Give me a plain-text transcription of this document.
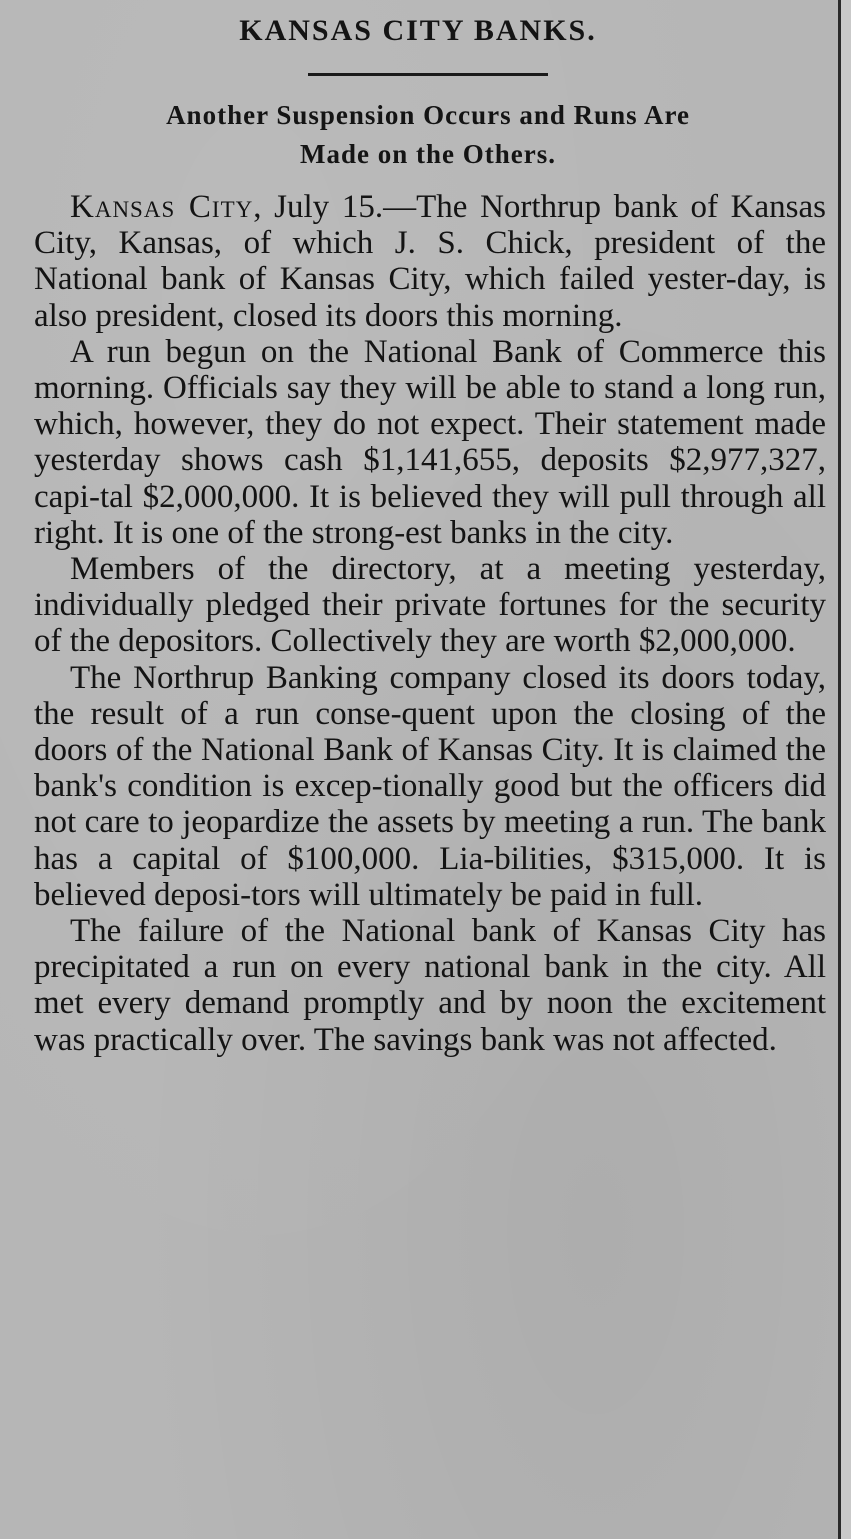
KANSAS CITY BANKS.
Another Suspension Occurs and Runs Are
Made on the Others.

Kansas City, July 15.—The Northrup bank of Kansas City, Kansas, of which J. S. Chick, president of the National bank of Kansas City, which failed yester-day, is also president, closed its doors this morning.

A run begun on the National Bank of Commerce this morning. Officials say they will be able to stand a long run, which, however, they do not expect. Their statement made yesterday shows cash $1,141,655, deposits $2,977,327, capi-tal $2,000,000. It is believed they will pull through all right. It is one of the strong-est banks in the city.

Members of the directory, at a meeting yesterday, individually pledged their private fortunes for the security of the depositors. Collectively they are worth $2,000,000.

The Northrup Banking company closed its doors today, the result of a run conse-quent upon the closing of the doors of the National Bank of Kansas City. It is claimed the bank's condition is excep-tionally good but the officers did not care to jeopardize the assets by meeting a run. The bank has a capital of $100,000. Lia-bilities, $315,000. It is believed deposi-tors will ultimately be paid in full.

The failure of the National bank of Kansas City has precipitated a run on every national bank in the city. All met every demand promptly and by noon the excitement was practically over. The savings bank was not affected.
